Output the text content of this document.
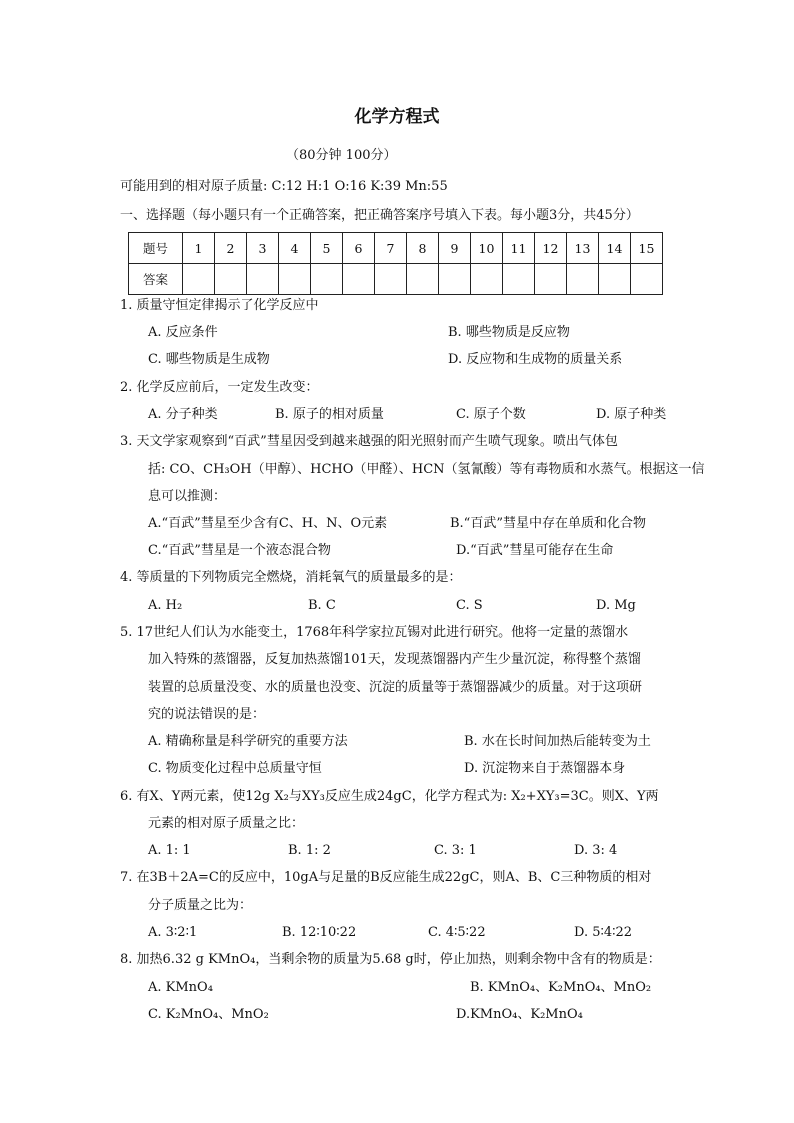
化学方程式
（80分钟 100分）
可能用到的相对原子质量: C:12 H:1 O:16 K:39 Mn:55
一、选择题（每小题只有一个正确答案，把正确答案序号填入下表。每小题3分，共45分）
题号	1	2	3	4	5	6	7	8	9	10	11	12	13	14	15
答案															
1. 质量守恒定律揭示了化学反应中
A. 反应条件	B. 哪些物质是反应物
C. 哪些物质是生成物	D. 反应物和生成物的质量关系
2. 化学反应前后，一定发生改变：
A. 分子种类	B. 原子的相对质量	C. 原子个数	D. 原子种类
3. 天文学家观察到“百武”彗星因受到越来越强的阳光照射而产生喷气现象。喷出气体包
括: CO、CH₃OH（甲醇）、HCHO（甲醛）、HCN（氢氰酸）等有毒物质和水蒸气。根据这一信
息可以推测：
A.“百武”彗星至少含有C、H、N、O元素	B.“百武”彗星中存在单质和化合物
C.“百武”彗星是一个液态混合物	D.“百武”彗星可能存在生命
4. 等质量的下列物质完全燃烧，消耗氧气的质量最多的是：
A. H₂	B. C	C. S	D. Mg
5. 17世纪人们认为水能变土，1768年科学家拉瓦锡对此进行研究。他将一定量的蒸馏水
加入特殊的蒸馏器，反复加热蒸馏101天，发现蒸馏器内产生少量沉淀，称得整个蒸馏
装置的总质量没变、水的质量也没变、沉淀的质量等于蒸馏器减少的质量。对于这项研
究的说法错误的是：
A. 精确称量是科学研究的重要方法	B. 水在长时间加热后能转变为土
C. 物质变化过程中总质量守恒	D. 沉淀物来自于蒸馏器本身
6. 有X、Y两元素，使12g X₂与XY₃反应生成24gC，化学方程式为: X₂+XY₃=3C。则X、Y两
元素的相对原子质量之比：
A. 1: 1	B. 1: 2	C. 3: 1	D. 3: 4
7. 在3B＋2A=C的反应中，10gA与足量的B反应能生成22gC，则A、B、C三种物质的相对
分子质量之比为：
A. 3∶2∶1	B. 12∶10∶22	C. 4∶5∶22	D. 5∶4∶22
8. 加热6.32 g KMnO₄，当剩余物的质量为5.68 g时，停止加热，则剩余物中含有的物质是：
A. KMnO₄	B. KMnO₄、K₂MnO₄、MnO₂
C. K₂MnO₄、MnO₂	D.KMnO₄、K₂MnO₄
